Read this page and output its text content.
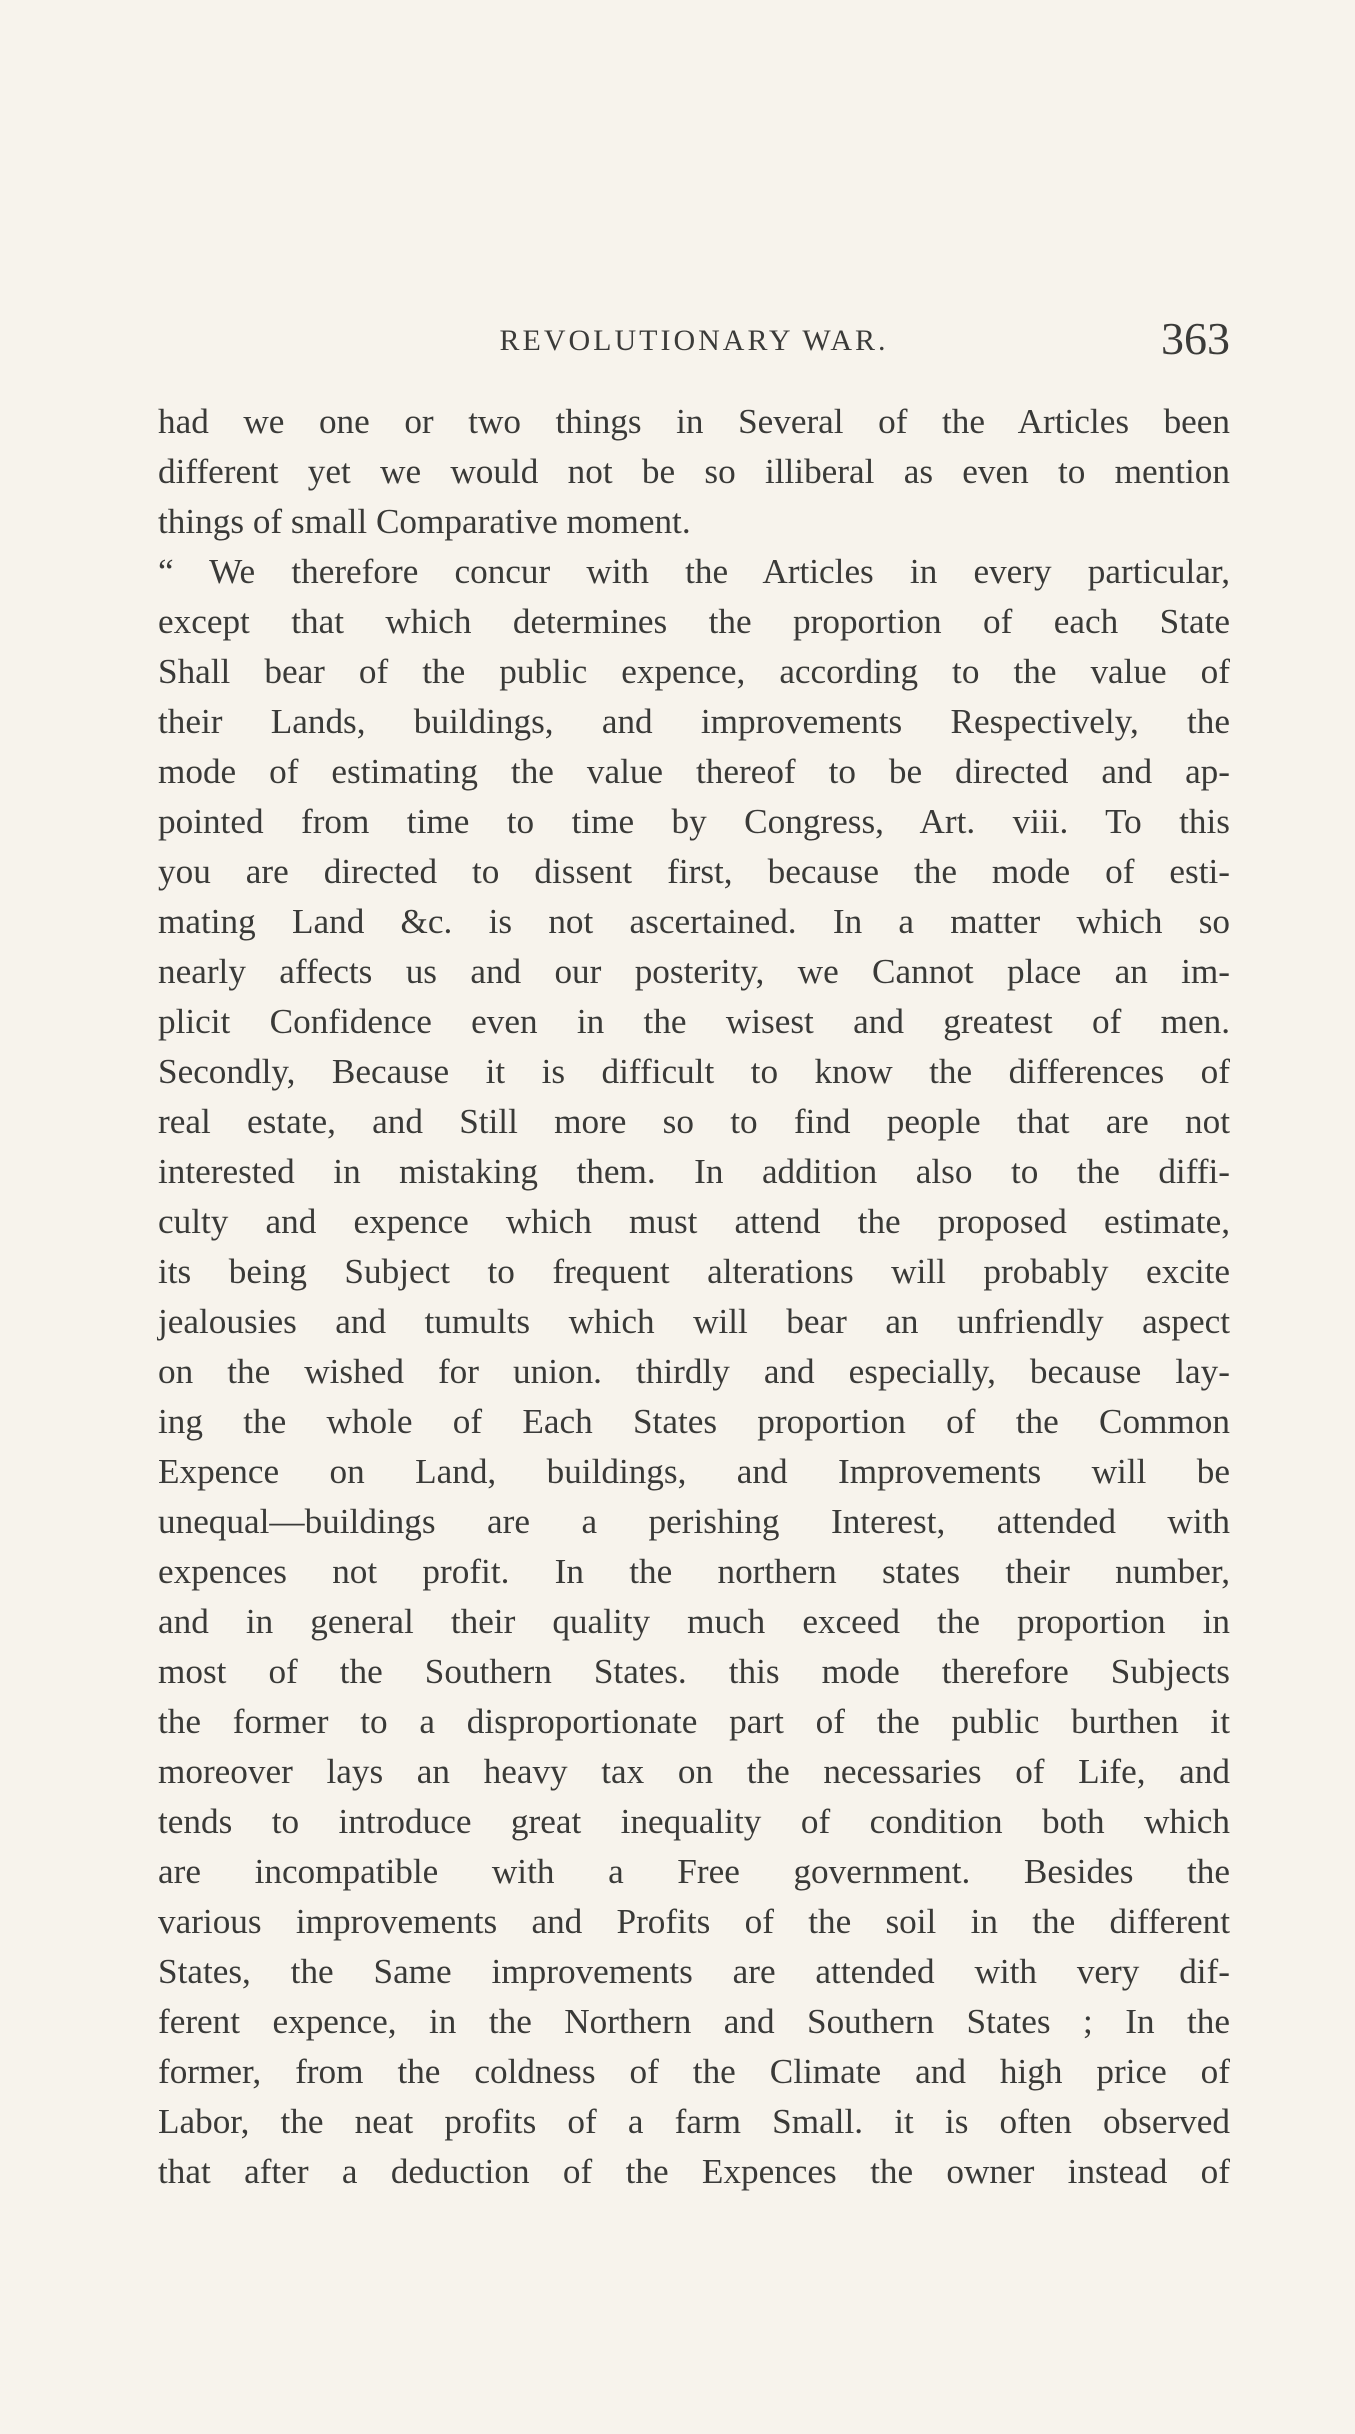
REVOLUTIONARY WAR.	363
had we one or two things in Several of the Articles been
different yet we would not be so illiberal as even to mention
things of small Comparative moment.
“ We therefore concur with the Articles in every particular,
except that which determines the proportion of each State
Shall bear of the public expence, according to the value of
their Lands, buildings, and improvements Respectively, the
mode of estimating the value thereof to be directed and ap-
pointed from time to time by Congress, Art. viii. To this
you are directed to dissent first, because the mode of esti-
mating Land &c. is not ascertained. In a matter which so
nearly affects us and our posterity, we Cannot place an im-
plicit Confidence even in the wisest and greatest of men.
Secondly, Because it is difficult to know the differences of
real estate, and Still more so to find people that are not
interested in mistaking them. In addition also to the diffi-
culty and expence which must attend the proposed estimate,
its being Subject to frequent alterations will probably excite
jealousies and tumults which will bear an unfriendly aspect
on the wished for union. thirdly and especially, because lay-
ing the whole of Each States proportion of the Common
Expence on Land, buildings, and Improvements will be
unequal—buildings are a perishing Interest, attended with
expences not profit. In the northern states their number,
and in general their quality much exceed the proportion in
most of the Southern States. this mode therefore Subjects
the former to a disproportionate part of the public burthen it
moreover lays an heavy tax on the necessaries of Life, and
tends to introduce great inequality of condition both which
are incompatible with a Free government. Besides the
various improvements and Profits of the soil in the different
States, the Same improvements are attended with very dif-
ferent expence, in the Northern and Southern States ; In the
former, from the coldness of the Climate and high price of
Labor, the neat profits of a farm Small. it is often observed
that after a deduction of the Expences the owner instead of
